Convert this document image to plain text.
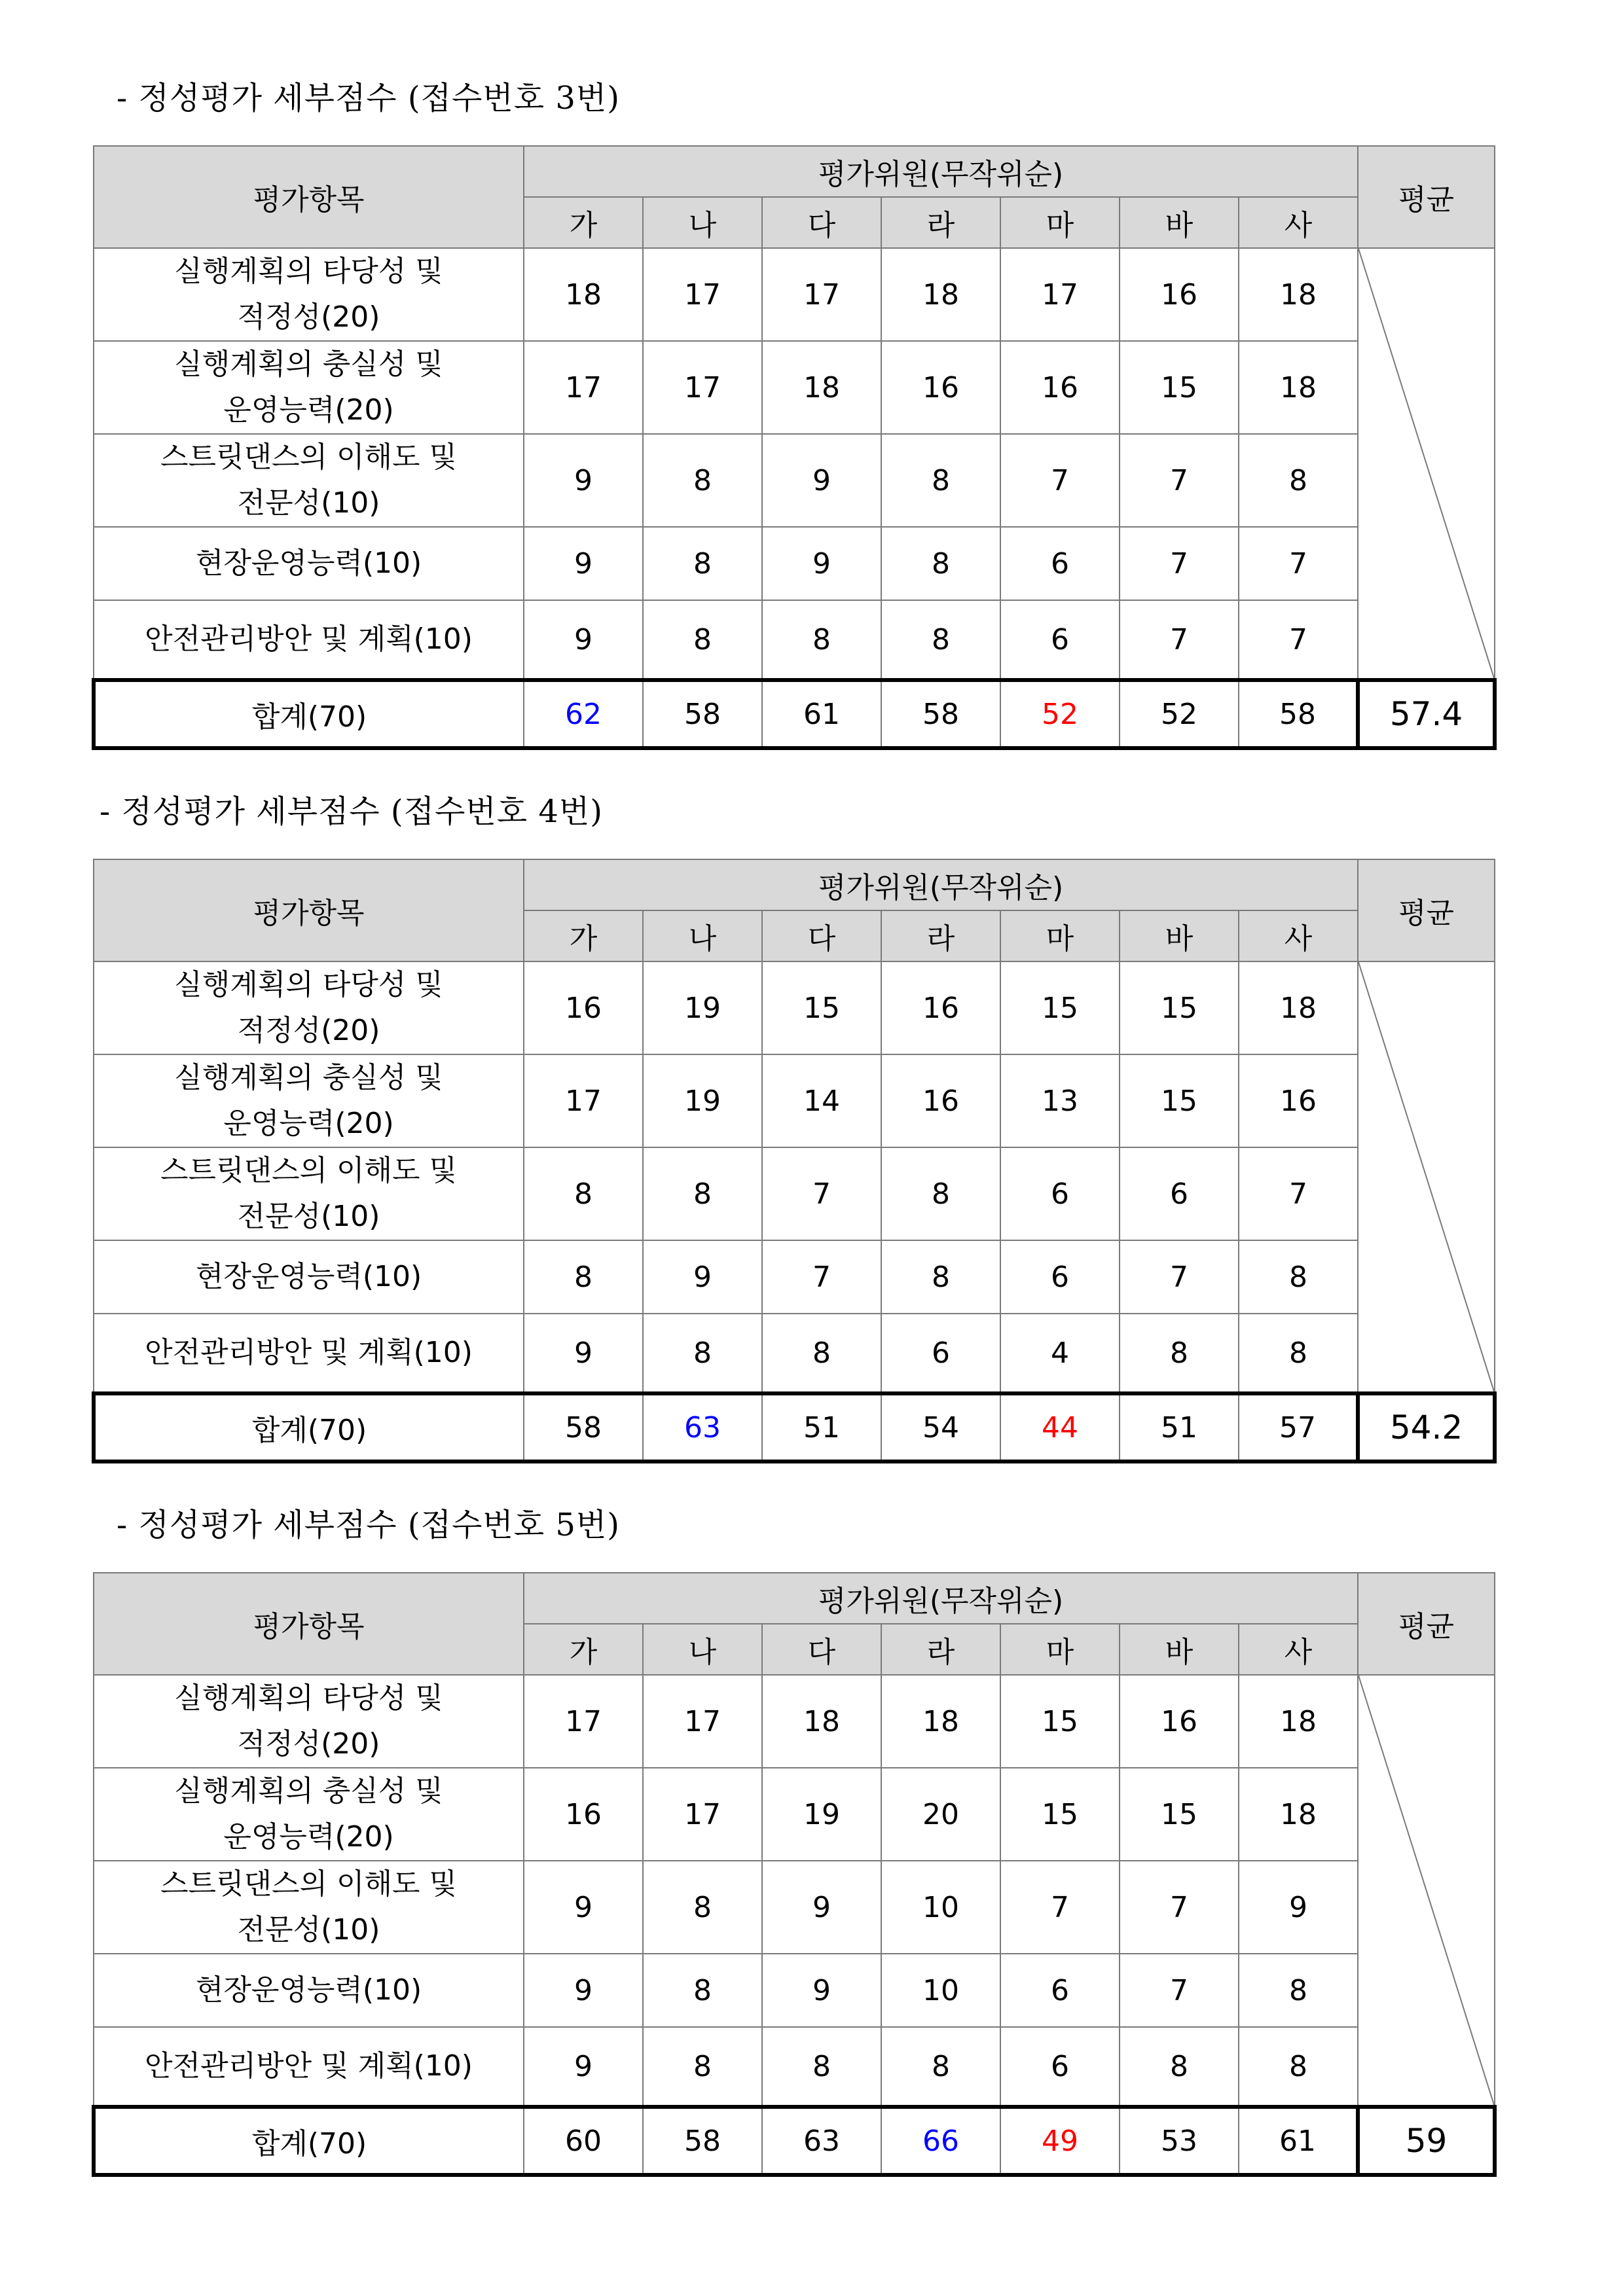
- 정성평가 세부점수 (접수번호 3번)
평가항목	평가위원(무작위순)							평균
	가	나	다	라	마	바	사	

실행계획의 타당성 및
적정성(20)	18	17	17	18	17	16	18	

실행계획의 충실성 및
운영능력(20)	17	17	18	16	16	15	18	

스트릿댄스의 이해도 및
전문성(10)	9	8	9	8	7	7	8	

현장운영능력(10)	9	8	9	8	6	7	7	

안전관리방안 및 계획(10)	9	8	8	8	6	7	7	
합계(70)	62	58	61	58	52	52	58	57.4
- 정성평가 세부점수 (접수번호 4번)
평가항목	평가위원(무작위순)							평균
	가	나	다	라	마	바	사	

실행계획의 타당성 및
적정성(20)	16	19	15	16	15	15	18	

실행계획의 충실성 및
운영능력(20)	17	19	14	16	13	15	16	

스트릿댄스의 이해도 및
전문성(10)	8	8	7	8	6	6	7	

현장운영능력(10)	8	9	7	8	6	7	8	

안전관리방안 및 계획(10)	9	8	8	6	4	8	8	
합계(70)	58	63	51	54	44	51	57	54.2
- 정성평가 세부점수 (접수번호 5번)
평가항목	평가위원(무작위순)							평균
	가	나	다	라	마	바	사	

실행계획의 타당성 및
적정성(20)	17	17	18	18	15	16	18	

실행계획의 충실성 및
운영능력(20)	16	17	19	20	15	15	18	

스트릿댄스의 이해도 및
전문성(10)	9	8	9	10	7	7	9	

현장운영능력(10)	9	8	9	10	6	7	8	

안전관리방안 및 계획(10)	9	8	8	8	6	8	8	
합계(70)	60	58	63	66	49	53	61	59
